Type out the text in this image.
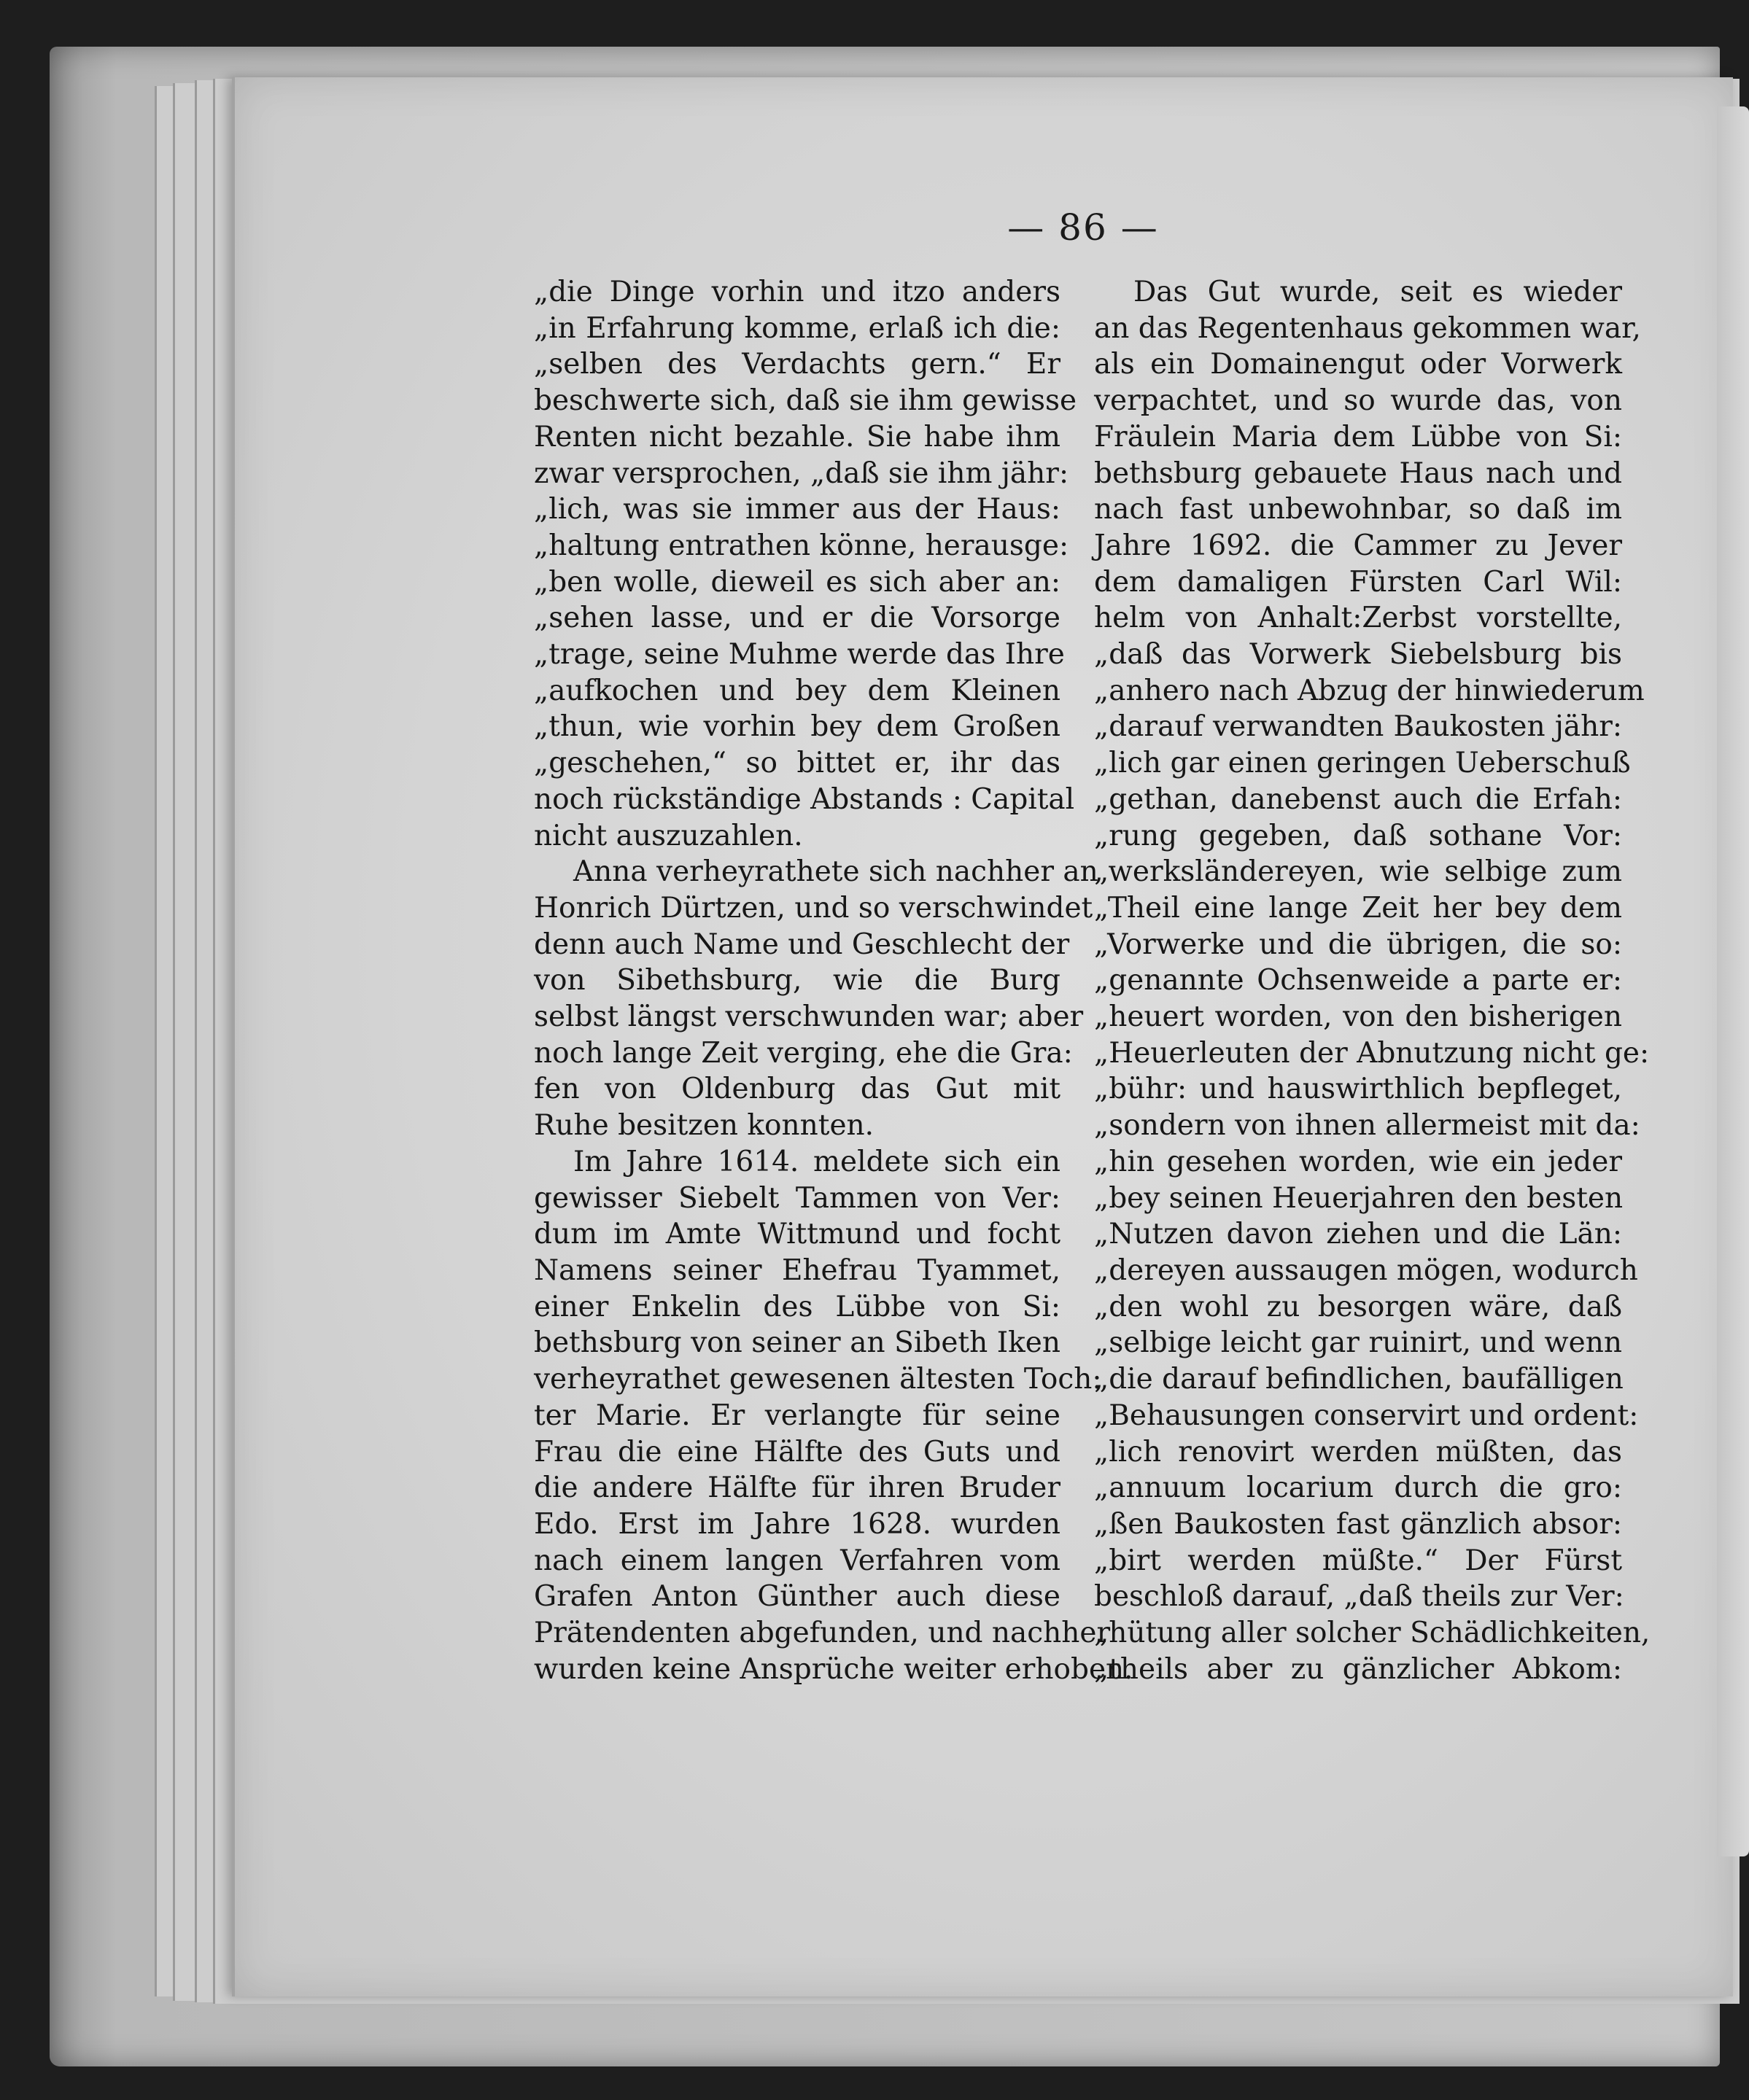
— 86 —
„die Dinge vorhin und itzo anders
„in Erfahrung komme, erlaß ich die:
„selben des Verdachts gern.“ Er
beschwerte sich, daß sie ihm gewisse
Renten nicht bezahle. Sie habe ihm
zwar versprochen, „daß sie ihm jähr:
„lich, was sie immer aus der Haus:
„haltung entrathen könne, herausge:
„ben wolle, dieweil es sich aber an:
„sehen lasse, und er die Vorsorge
„trage, seine Muhme werde das Ihre
„aufkochen und bey dem Kleinen
„thun, wie vorhin bey dem Großen
„geschehen,“ so bittet er, ihr das
noch rückständige Abstands : Capital
nicht auszuzahlen.
Anna verheyrathete sich nachher an
Honrich Dürtzen, und so verschwindet
denn auch Name und Geschlecht der
von Sibethsburg, wie die Burg
selbst längst verschwunden war; aber
noch lange Zeit verging, ehe die Gra:
fen von Oldenburg das Gut mit
Ruhe besitzen konnten.
Im Jahre 1614. meldete sich ein
gewisser Siebelt Tammen von Ver:
dum im Amte Wittmund und focht
Namens seiner Ehefrau Tyammet,
einer Enkelin des Lübbe von Si:
bethsburg von seiner an Sibeth Iken
verheyrathet gewesenen ältesten Toch:
ter Marie. Er verlangte für seine
Frau die eine Hälfte des Guts und
die andere Hälfte für ihren Bruder
Edo. Erst im Jahre 1628. wurden
nach einem langen Verfahren vom
Grafen Anton Günther auch diese
Prätendenten abgefunden, und nachher
wurden keine Ansprüche weiter erhoben.
Das Gut wurde, seit es wieder
an das Regentenhaus gekommen war,
als ein Domainengut oder Vorwerk
verpachtet, und so wurde das, von
Fräulein Maria dem Lübbe von Si:
bethsburg gebauete Haus nach und
nach fast unbewohnbar, so daß im
Jahre 1692. die Cammer zu Jever
dem damaligen Fürsten Carl Wil:
helm von Anhalt:Zerbst vorstellte,
„daß das Vorwerk Siebelsburg bis
„anhero nach Abzug der hinwiederum
„darauf verwandten Baukosten jähr:
„lich gar einen geringen Ueberschuß
„gethan, danebenst auch die Erfah:
„rung gegeben, daß sothane Vor:
„werksländereyen, wie selbige zum
„Theil eine lange Zeit her bey dem
„Vorwerke und die übrigen, die so:
„genannte Ochsenweide a parte er:
„heuert worden, von den bisherigen
„Heuerleuten der Abnutzung nicht ge:
„bühr: und hauswirthlich bepfleget,
„sondern von ihnen allermeist mit da:
„hin gesehen worden, wie ein jeder
„bey seinen Heuerjahren den besten
„Nutzen davon ziehen und die Län:
„dereyen aussaugen mögen, wodurch
„den wohl zu besorgen wäre, daß
„selbige leicht gar ruinirt, und wenn
„die darauf befindlichen, baufälligen
„Behausungen conservirt und ordent:
„lich renovirt werden müßten, das
„annuum locarium durch die gro:
„ßen Baukosten fast gänzlich absor:
„birt werden müßte.“ Der Fürst
beschloß darauf, „daß theils zur Ver:
„hütung aller solcher Schädlichkeiten,
„theils aber zu gänzlicher Abkom:
